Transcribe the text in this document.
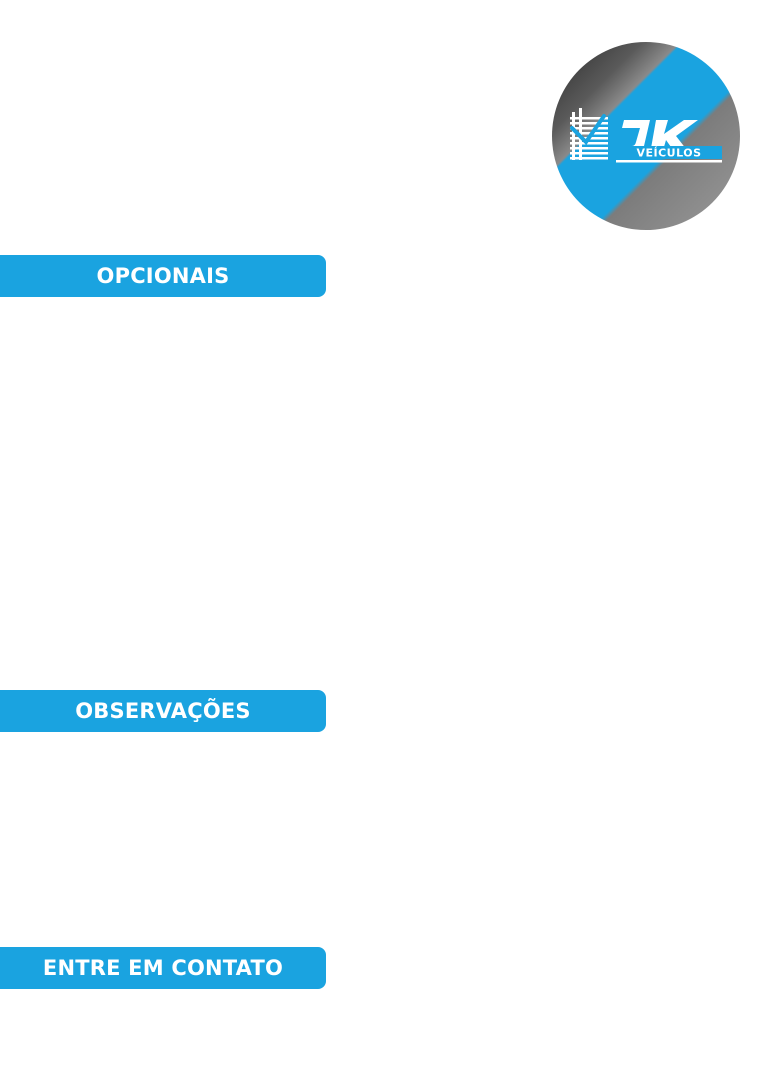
VEÍCULOS
OPCIONAIS
OBSERVAÇÕES
ENTRE EM CONTATO
